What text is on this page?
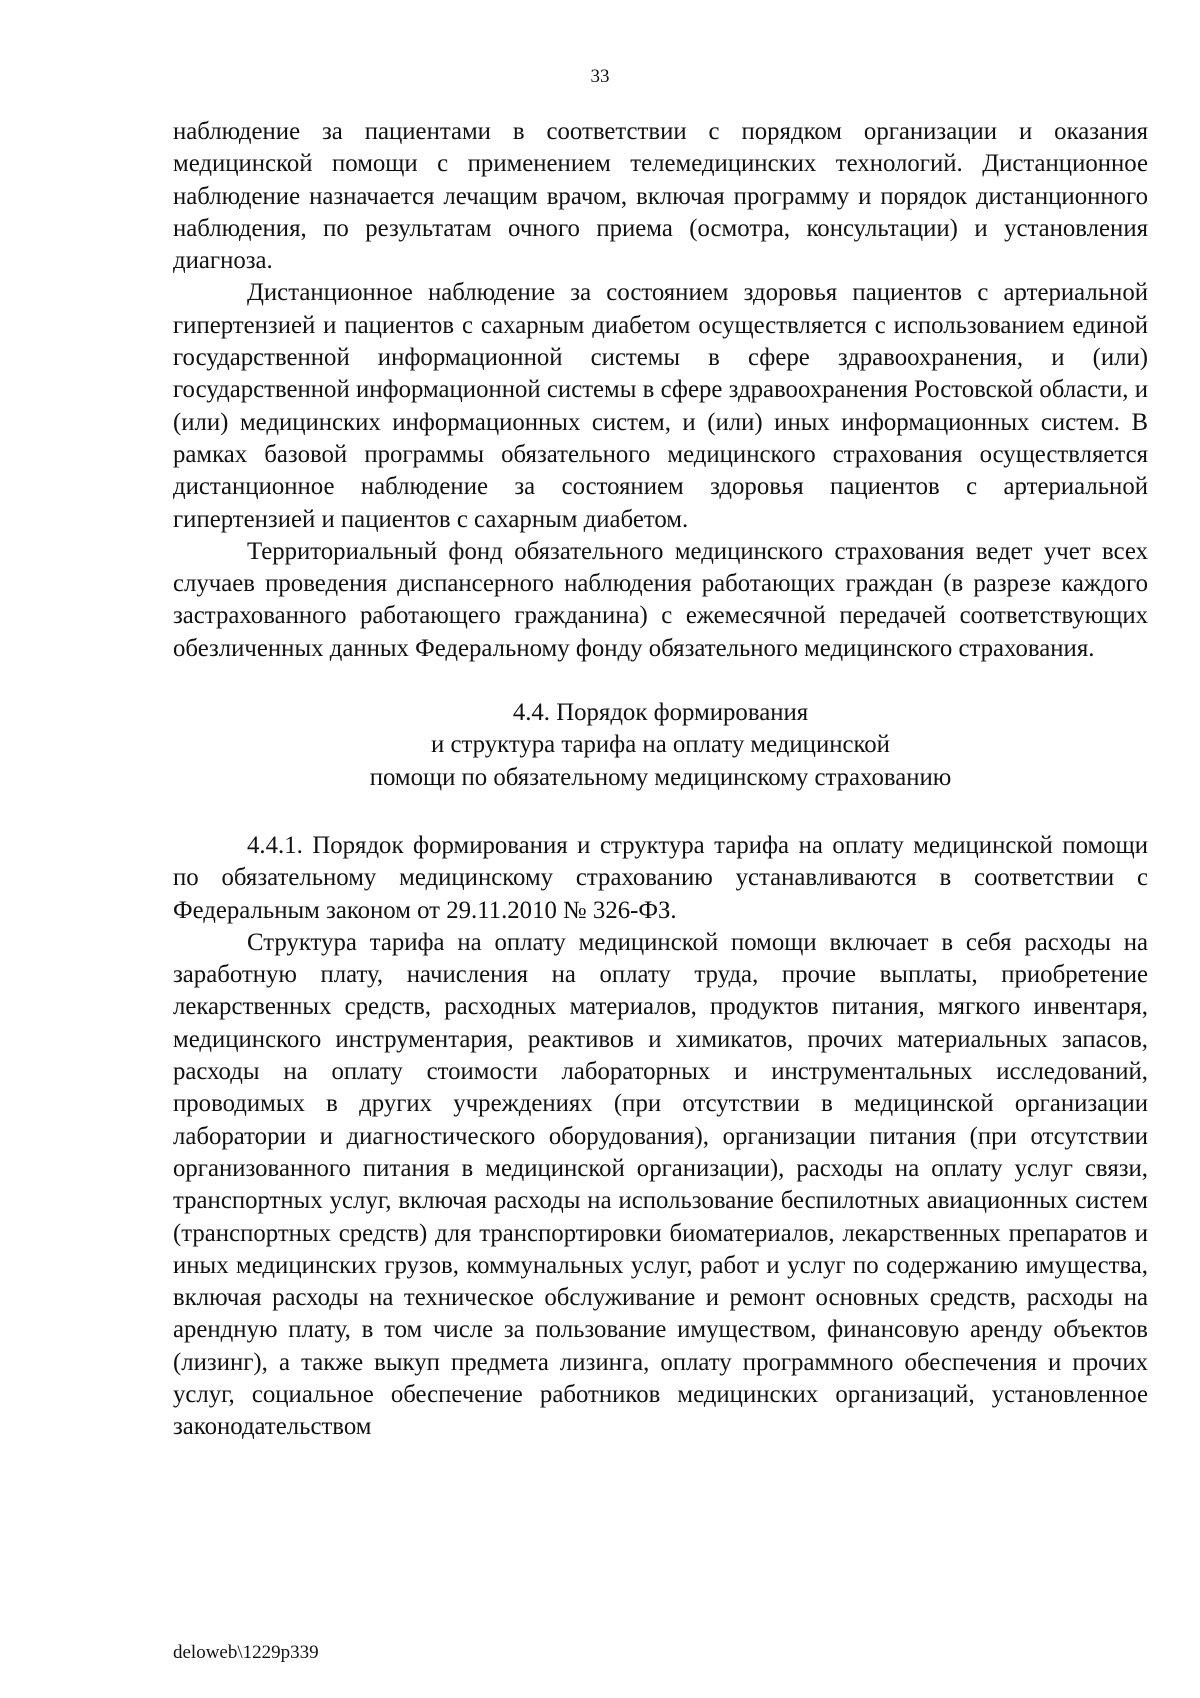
33

наблюдение за пациентами в соответствии с порядком организации и оказания медицинской помощи с применением телемедицинских технологий. Дистанционное наблюдение назначается лечащим врачом, включая программу и порядок дистанционного наблюдения, по результатам очного приема (осмотра, консультации) и установления диагноза.

Дистанционное наблюдение за состоянием здоровья пациентов с артериальной гипертензией и пациентов с сахарным диабетом осуществляется с использованием единой государственной информационной системы в сфере здравоохранения, и (или) государственной информационной системы в сфере здравоохранения Ростовской области, и (или) медицинских информационных систем, и (или) иных информационных систем. В рамках базовой программы обязательного медицинского страхования осуществляется дистанционное наблюдение за состоянием здоровья пациентов с артериальной гипертензией и пациентов с сахарным диабетом.

Территориальный фонд обязательного медицинского страхования ведет учет всех случаев проведения диспансерного наблюдения работающих граждан (в разрезе каждого застрахованного работающего гражданина) с ежемесячной передачей соответствующих обезличенных данных Федеральному фонду обязательного медицинского страхования.

4.4. Порядок формирования
и структура тарифа на оплату медицинской
помощи по обязательному медицинскому страхованию

4.4.1. Порядок формирования и структура тарифа на оплату медицинской помощи по обязательному медицинскому страхованию устанавливаются в соответствии с Федеральным законом от 29.11.2010 № 326-ФЗ.

Структура тарифа на оплату медицинской помощи включает в себя расходы на заработную плату, начисления на оплату труда, прочие выплаты, приобретение лекарственных средств, расходных материалов, продуктов питания, мягкого инвентаря, медицинского инструментария, реактивов и химикатов, прочих материальных запасов, расходы на оплату стоимости лабораторных и инструментальных исследований, проводимых в других учреждениях (при отсутствии в медицинской организации лаборатории и диагностического оборудования), организации питания (при отсутствии организованного питания в медицинской организации), расходы на оплату услуг связи, транспортных услуг, включая расходы на использование беспилотных авиационных систем (транспортных средств) для транспортировки биоматериалов, лекарственных препаратов и иных медицинских грузов, коммунальных услуг, работ и услуг по содержанию имущества, включая расходы на техническое обслуживание и ремонт основных средств, расходы на арендную плату, в том числе за пользование имуществом, финансовую аренду объектов (лизинг), а также выкуп предмета лизинга, оплату программного обеспечения и прочих услуг, социальное обеспечение работников медицинских организаций, установленное законодательством

deloweb\1229p339
